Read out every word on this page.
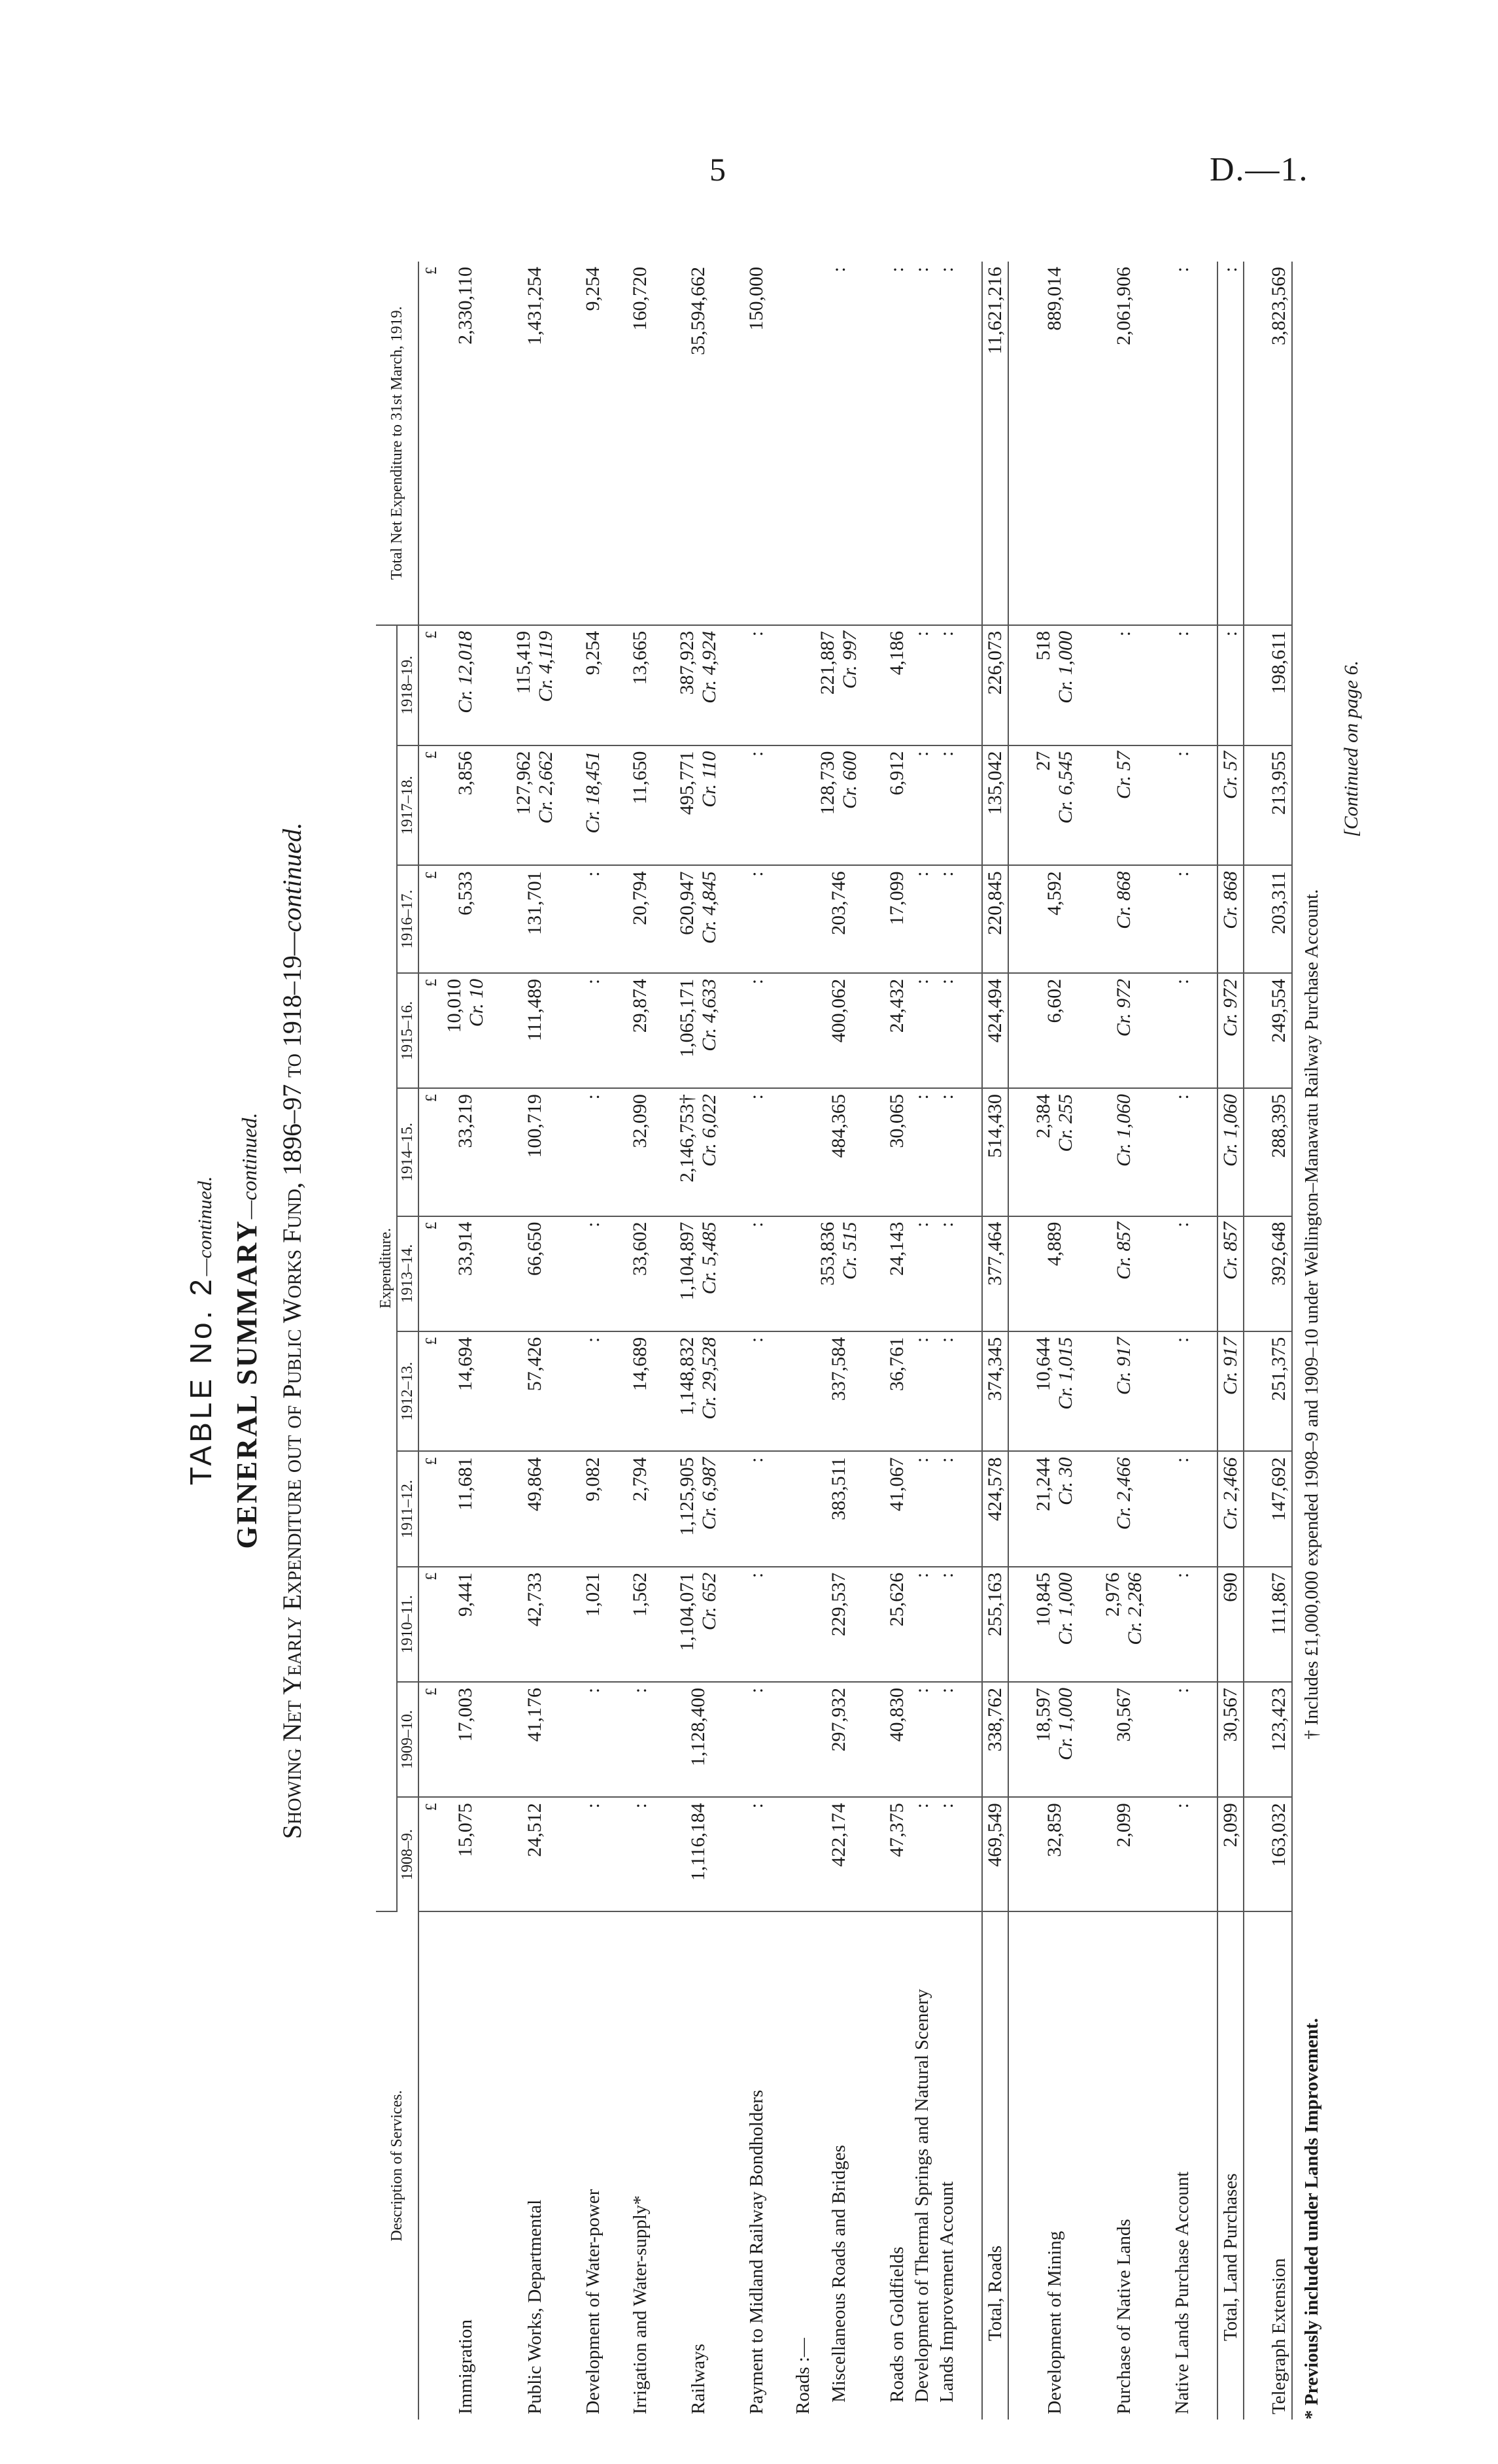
5	D.—1.
TABLE No. 2—continued. GENERAL SUMMARY—continued. Showing Net Yearly Expenditure out of Public Works Fund, 1896–97 to 1918–19—continued.
Description of Services.	Expenditure.											Total Net Expenditure to 31st March, 1919.
	1908–9.	1909–10.	1910–11.	1911–12.	1912–13.	1913–14.	1914–15.	1915–16.	1916–17.	1917–18.	1918–19.	
	£	£	£	£	£	£	£	£	£	£	£	£
Immigration	15,075	17,003	9,441	11,681	14,694	33,914	33,219	10,010 Cr. 10	6,533	3,856	Cr. 12,018	2,330,110

Public Works, Departmental	24,512	41,176	42,733	49,864	57,426	66,650	100,719	111,489	131,701	127,962 Cr. 2,662	115,419 Cr. 4,119	1,431,254

Development of Water-power	:	:	1,021	9,082	:	:	:	:	:	Cr. 18,451	9,254	9,254

Irrigation and Water-supply*	:	:	1,562	2,794	14,689	33,602	32,090	29,874	20,794	11,650	13,665	160,720

Railways	1,116,184	1,128,400	1,104,071 Cr. 652	1,125,905 Cr. 6,987	1,148,832 Cr. 29,528	1,104,897 Cr. 5,485	2,146,753† Cr. 6,022	1,065,171 Cr. 4,633	620,947 Cr. 4,845	495,771 Cr. 110	387,923 Cr. 4,924	35,594,662

Payment to Midland Railway Bondholders	:	:	:	:	:	:	:	:	:	:	:	150,000

Roads :—												
Miscellaneous Roads and Bridges	422,174	297,932	229,537	383,511	337,584	353,836 Cr. 515	484,365	400,062	203,746	128,730 Cr. 600	221,887 Cr. 997	:

Roads on Goldfields	47,375	40,830	25,626	41,067	36,761	24,143	30,065	24,432	17,099	6,912	4,186	:

Development of Thermal Springs and Natural Scenery	:	:	:	:	:	:	:	:	:	:	:	:

Lands Improvement Account	:	:	:	:	:	:	:	:	:	:	:	:

Total, Roads	469,549	338,762	255,163	424,578	374,345	377,464	514,430	424,494	220,845	135,042	226,073	11,621,216

Development of Mining	32,859	18,597 Cr. 1,000	10,845 Cr. 1,000	21,244 Cr. 30	10,644 Cr. 1,015	4,889	2,384 Cr. 255	6,602	4,592	27 Cr. 6,545	518 Cr. 1,000	889,014

Purchase of Native Lands	2,099	30,567	2,976 Cr. 2,286	Cr. 2,466	Cr. 917	Cr. 857	Cr. 1,060	Cr. 972	Cr. 868	Cr. 57	:	2,061,906

Native Lands Purchase Account	:	:	:	:	:	:	:	:	:	:	:	:

Total, Land Purchases	2,099	30,567	690	Cr. 2,466	Cr. 917	Cr. 857	Cr. 1,060	Cr. 972	Cr. 868	Cr. 57	:	:

Telegraph Extension	163,032	123,423	111,867	147,692	251,375	392,648	288,395	249,554	203,311	213,955	198,611	3,823,569
* Previously included under Lands Improvement.
† Includes £1,000,000 expended 1908–9 and 1909–10 under Wellington–Manawatu Railway Purchase Account.
[Continued on page 6.
